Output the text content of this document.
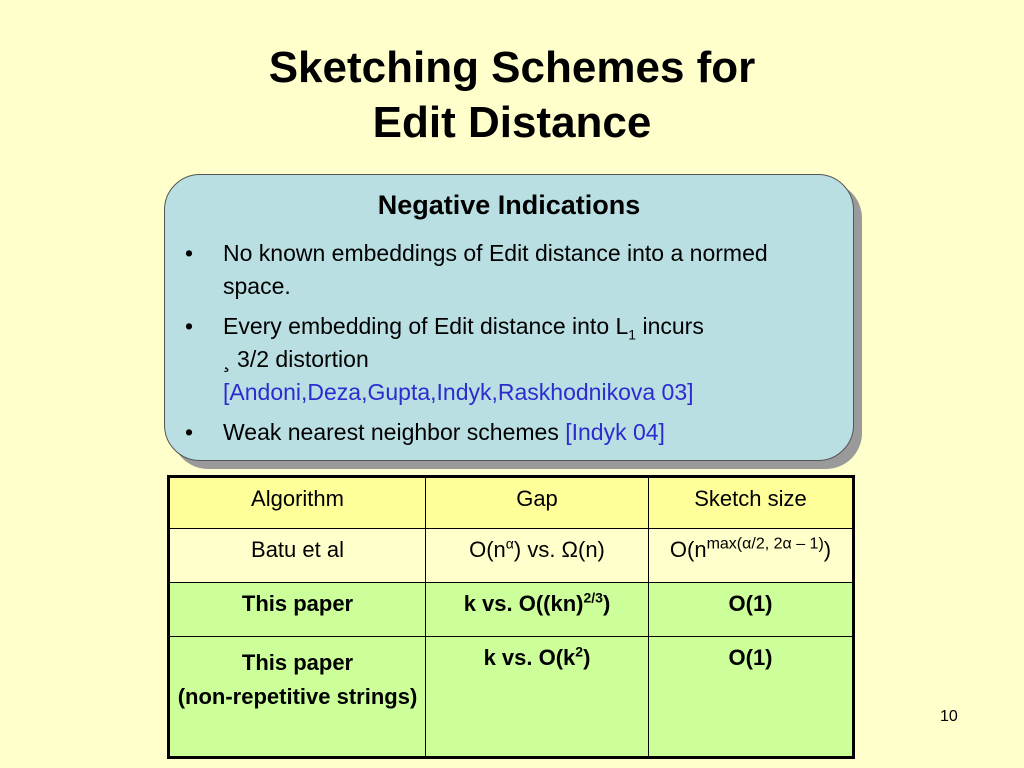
Sketching Schemes for
Edit Distance
Negative Indications
• No known embeddings of Edit distance into a normed space.
• Every embedding of Edit distance into $L_1$ incurs
¸ 3/2 distortion
[Andoni,Deza,Gupta,Indyk,Raskhodnikova 03]
• Weak nearest neighbor schemes [Indyk 04]
Algorithm	Gap	Sketch size
Batu et al	$O(n^\alpha)$ vs. Ω(n)	$O(n^{max(\alpha/2, 2\alpha - 1)})$
This paper	k vs. O((kn)$^{2/3}$)	O(1)

This paper
(non-repetitive strings)	k vs. $O(k^2)$	O(1)
10
